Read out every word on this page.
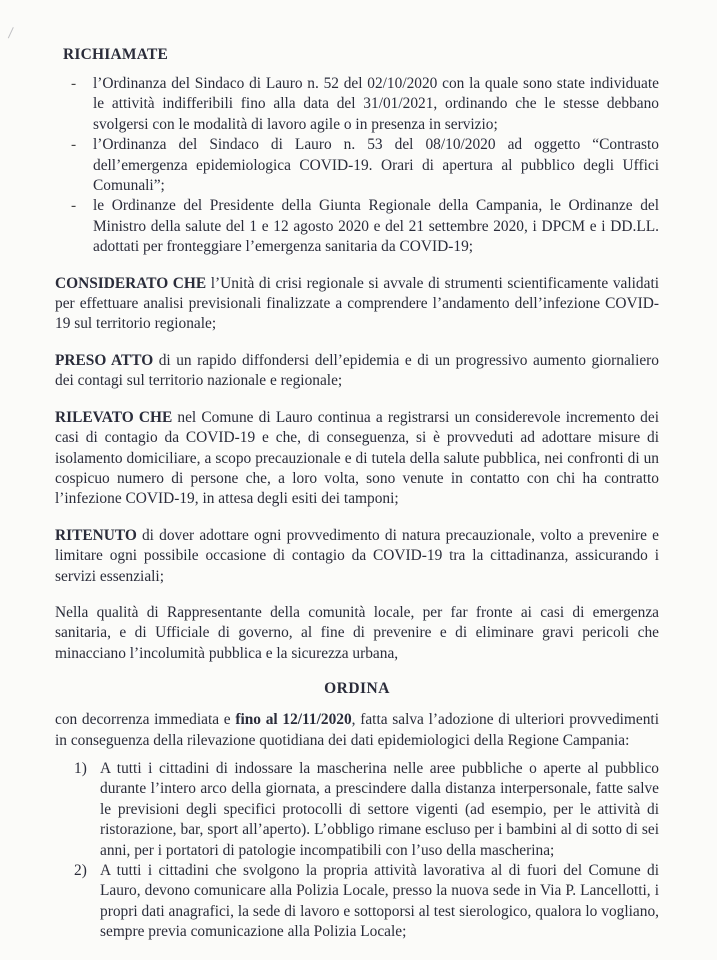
RICHIAMATE
- l’Ordinanza del Sindaco di Lauro n. 52 del 02/10/2020 con la quale sono state individuate le attività indifferibili fino alla data del 31/01/2021, ordinando che le stesse debbano svolgersi con le modalità di lavoro agile o in presenza in servizio;
- l’Ordinanza del Sindaco di Lauro n. 53 del 08/10/2020 ad oggetto “Contrasto dell’emergenza epidemiologica COVID-19. Orari di apertura al pubblico degli Uffici Comunali”;
- le Ordinanze del Presidente della Giunta Regionale della Campania, le Ordinanze del Ministro della salute del 1 e 12 agosto 2020 e del 21 settembre 2020, i DPCM e i DD.LL. adottati per fronteggiare l’emergenza sanitaria da COVID-19;

CONSIDERATO CHE l’Unità di crisi regionale si avvale di strumenti scientificamente validati per effettuare analisi previsionali finalizzate a comprendere l’andamento dell’infezione COVID-19 sul territorio regionale;

PRESO ATTO di un rapido diffondersi dell’epidemia e di un progressivo aumento giornaliero dei contagi sul territorio nazionale e regionale;

RILEVATO CHE nel Comune di Lauro continua a registrarsi un considerevole incremento dei casi di contagio da COVID-19 e che, di conseguenza, si è provveduti ad adottare misure di isolamento domiciliare, a scopo precauzionale e di tutela della salute pubblica, nei confronti di un cospicuo numero di persone che, a loro volta, sono venute in contatto con chi ha contratto l’infezione COVID-19, in attesa degli esiti dei tamponi;

RITENUTO di dover adottare ogni provvedimento di natura precauzionale, volto a prevenire e limitare ogni possibile occasione di contagio da COVID-19 tra la cittadinanza, assicurando i servizi essenziali;

Nella qualità di Rappresentante della comunità locale, per far fronte ai casi di emergenza sanitaria, e di Ufficiale di governo, al fine di prevenire e di eliminare gravi pericoli che minacciano l’incolumità pubblica e la sicurezza urbana,

ORDINA

con decorrenza immediata e fino al 12/11/2020, fatta salva l’adozione di ulteriori provvedimenti in conseguenza della rilevazione quotidiana dei dati epidemiologici della Regione Campania:

1) A tutti i cittadini di indossare la mascherina nelle aree pubbliche o aperte al pubblico durante l’intero arco della giornata, a prescindere dalla distanza interpersonale, fatte salve le previsioni degli specifici protocolli di settore vigenti (ad esempio, per le attività di ristorazione, bar, sport all’aperto). L’obbligo rimane escluso per i bambini al di sotto di sei anni, per i portatori di patologie incompatibili con l’uso della mascherina;
2) A tutti i cittadini che svolgono la propria attività lavorativa al di fuori del Comune di Lauro, devono comunicare alla Polizia Locale, presso la nuova sede in Via P. Lancellotti, i propri dati anagrafici, la sede di lavoro e sottoporsi al test sierologico, qualora lo vogliano, sempre previa comunicazione alla Polizia Locale;
